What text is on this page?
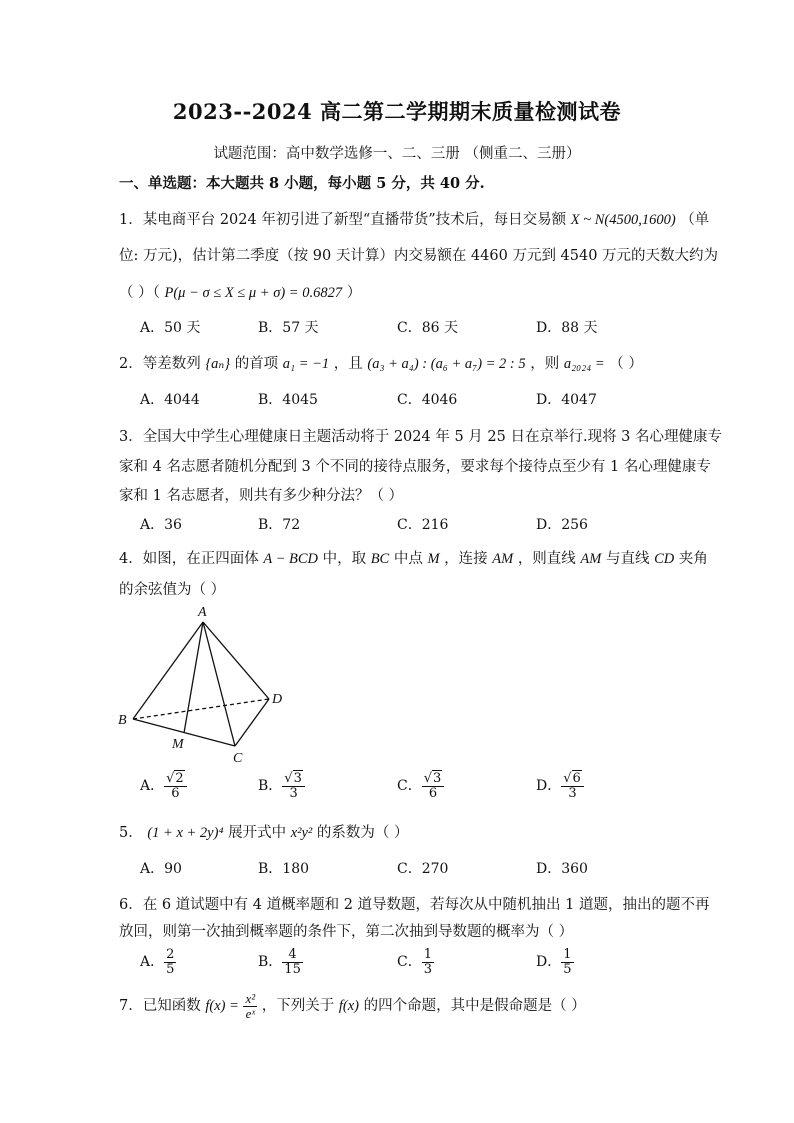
2023--2024 高二第二学期期末质量检测试卷
试题范围：高中数学选修一、二、三册 （侧重二、三册）
一、单选题：本大题共 8 小题，每小题 5 分，共 40 分.
1．某电商平台 2024 年初引进了新型“直播带货”技术后，每日交易额 X ~ N(4500,1600) （单
位: 万元)，估计第二季度（按 90 天计算）内交易额在 4460 万元到 4540 万元的天数大约为
（ ）（ P(μ − σ ≤ X ≤ μ + σ) = 0.6827 ）
A．50 天	B．57 天	C．86 天	D．88 天
2．等差数列 {aₙ} 的首项 a₁ = −1 ，且 (a₃ + a₄) : (a₆ + a₇) = 2 : 5 ，则 a₂₀₂₄ = （ ）
A．4044	B．4045	C．4046	D．4047
3．全国大中学生心理健康日主题活动将于 2024 年 5 月 25 日在京举行.现将 3 名心理健康专
家和 4 名志愿者随机分配到 3 个不同的接待点服务，要求每个接待点至少有 1 名心理健康专
家和 1 名志愿者，则共有多少种分法？（ ）
A．36	B．72	C．216	D．256
4．如图，在正四面体 A − BCD 中，取 BC 中点 M ，连接 AM ，则直线 AM 与直线 CD 夹角
的余弦值为（ ）
A
B
C
D
M
A． $\frac{√2}{6}$	B． $\frac{√3}{3}$	C． $\frac{√3}{6}$	D． $\frac{√6}{3}$
5． (1 + x + 2y)⁴ 展开式中 x²y² 的系数为（ ）
A．90	B．180	C．270	D．360
6．在 6 道试题中有 4 道概率题和 2 道导数题，若每次从中随机抽出 1 道题，抽出的题不再
放回，则第一次抽到概率题的条件下，第二次抽到导数题的概率为（ ）
A． $\frac{2}{5}$	B． $\frac{4}{15}$	C． $\frac{1}{3}$	D． $\frac{1}{5}$
7．已知函数 $f(x) = \frac{\text{x²}}{\text{eˣ}}$ ，下列关于 f(x) 的四个命题，其中是假命题是（ ）
